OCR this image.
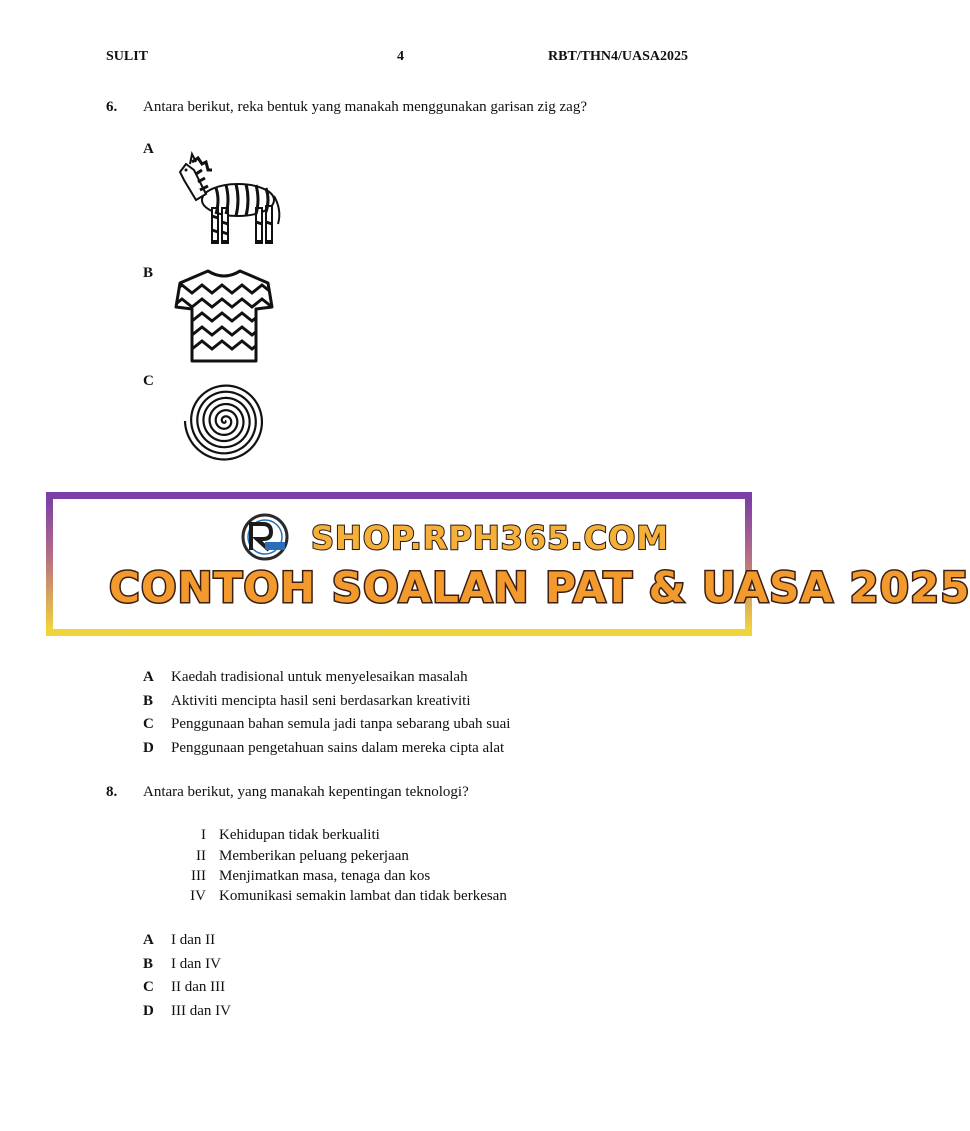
SULIT	4	RBT/THN4/UASA2025
6. Antara berikut, reka bentuk yang manakah menggunakan garisan zig zag?
A
B
C
SHOP.RPH365.COM
CONTOH SOALAN PAT & UASA 2025
A Kaedah tradisional untuk menyelesaikan masalah
B Aktiviti mencipta hasil seni berdasarkan kreativiti
C Penggunaan bahan semula jadi tanpa sebarang ubah suai
D Penggunaan pengetahuan sains dalam mereka cipta alat
8. Antara berikut, yang manakah kepentingan teknologi?
I Kehidupan tidak berkualiti
II Memberikan peluang pekerjaan
III Menjimatkan masa, tenaga dan kos
IV Komunikasi semakin lambat dan tidak berkesan
A I dan II
B I dan IV
C II dan III
D III dan IV
